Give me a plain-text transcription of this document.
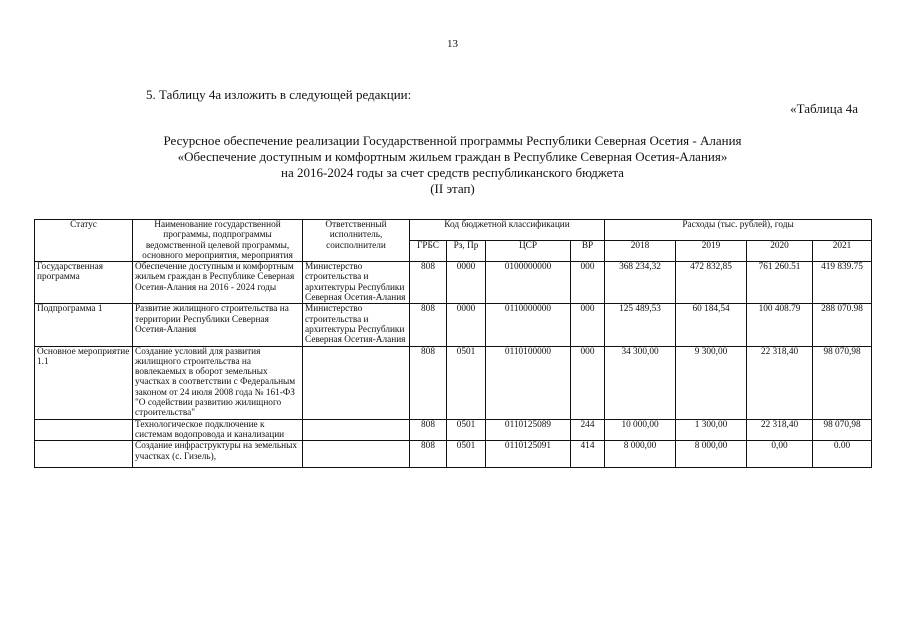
13
5. Таблицу 4а изложить в следующей редакции:
«Таблица 4а
Ресурсное обеспечение реализации Государственной программы Республики Северная Осетия - Алания
«Обеспечение доступным и комфортным жильем граждан в Республике Северная Осетия-Алания»
на 2016-2024 годы за счет средств республиканского бюджета
(II этап)
Статус	Наименование государственной программы, подпрограммы ведомственной целевой программы, основного мероприятия, мероприятия	Ответственный исполнитель, соисполнители	Код бюджетной классификации				Расходы (тыс. рублей), годы			
			ГРБС	Рз, Пр	ЦСР	ВР	2018	2019	2020	2021
Государственная программа	Обеспечение доступным и комфортным жильем граждан в Республике Северная Осетия-Алания на 2016 - 2024 годы	Министерство строительства и архитектуры Республики Северная Осетия-Алания	808	0000	0100000000	000	368 234,32	472 832,85	761 260.51	419 839.75
Подпрограмма 1	Развитие жилищного строительства на территории Республики Северная Осетия-Алания	Министерство строительства и архитектуры Республики Северная Осетия-Алания	808	0000	0110000000	000	125 489,53	60 184,54	100 408.79	288 070.98
Основное мероприятие 1.1	Создание условий для развития жилищного строительства на вовлекаемых в оборот земельных участках в соответствии с Федеральным законом от 24 июля 2008 года № 161-ФЗ "О содействии развитию жилищного строительства"		808	0501	0110100000	000	34 300,00	9 300,00	22 318,40	98 070,98
	Технологическое подключение к системам водопровода и канализации		808	0501	0110125089	244	10 000,00	1 300,00	22 318,40	98 070,98

	Создание инфраструктуры на земельных участках (с. Гизель),		808	0501	0110125091	414	8 000,00	8 000,00	0,00	0.00
